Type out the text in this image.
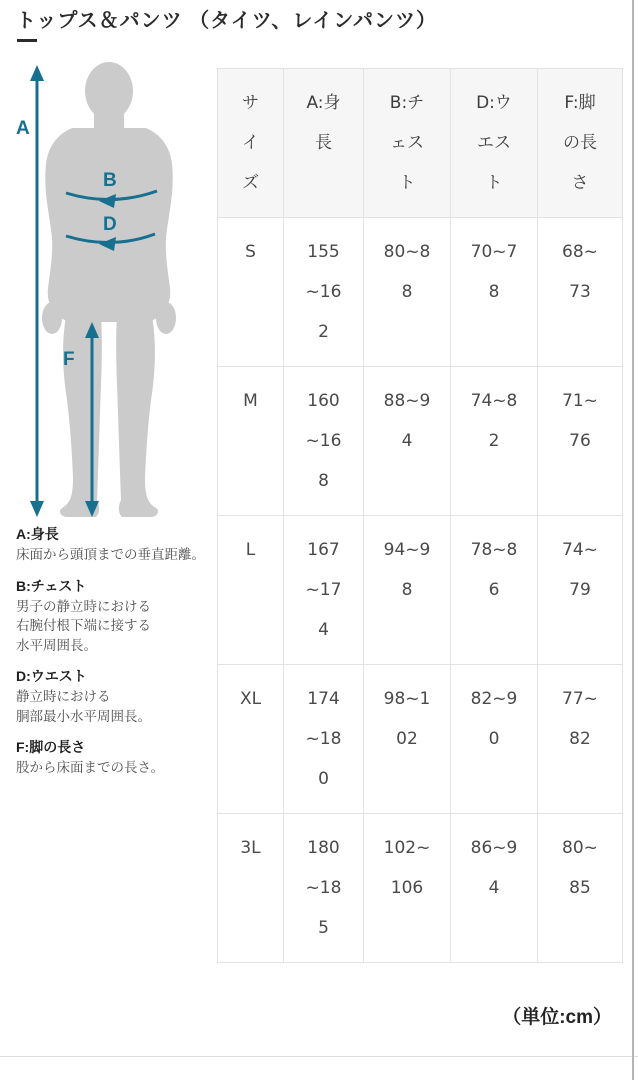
トップス＆パンツ （タイツ、レインパンツ）
A
B
D
F
A:身長
床面から頭頂までの垂直距離。
B:チェスト
男子の静立時における
右腕付根下端に接する
水平周囲長。
D:ウエスト
静立時における
胴部最小水平周囲長。
F:脚の長さ
股から床面までの長さ。
サイズ	A:身長	B:チェスト	D:ウエスト	F:脚の長さ
S	155~162	80~88	70~78	68~73
M	160~168	88~94	74~82	71~76
L	167~174	94~98	78~86	74~79
XL	174~180	98~102	82~90	77~82
3L	180~185	102~106	86~94	80~85
（単位:cm）
